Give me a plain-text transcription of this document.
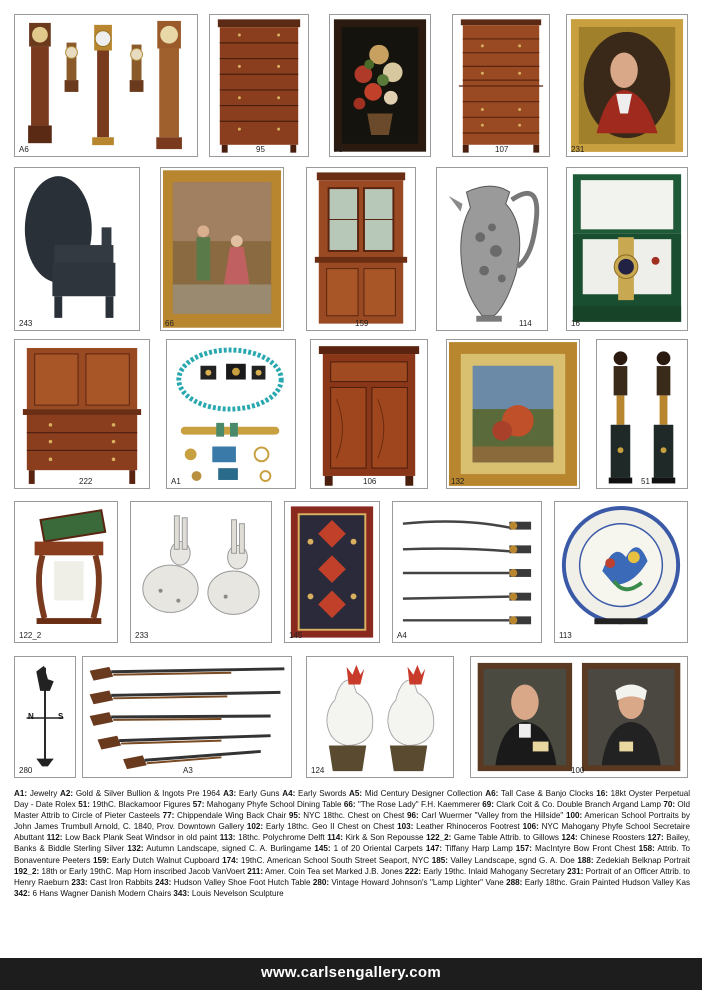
A6	95	70	107	231
243	66	159	114	16
222	A1	106	132	51
122_2	233	145	A4	113
N	S
280	A3	124	100
A1: Jewelry A2: Gold & Silver Bullion & Ingots Pre 1964 A3: Early Guns A4: Early Swords A5: Mid Century Designer Collection A6: Tall Case & Banjo Clocks 16: 18kt Oyster Perpetual Day - Date Rolex 51: 19thC. Blackamoor Figures 57: Mahogany Phyfe School Dining Table 66: "The Rose Lady" F.H. Kaemmerer 69: Clark Coit & Co. Double Branch Argand Lamp 70: Old Master Attrib to Circle of Pieter Casteels 77: Chippendale Wing Back Chair 95: NYC 18thc. Chest on Chest 96: Carl Wuermer "Valley from the Hillside" 100: American School Portraits by John James Trumbull Arnold, C. 1840, Prov. Downtown Gallery 102: Early 18thc. Geo II Chest on Chest 103: Leather Rhinoceros Footrest 106: NYC Mahogany Phyfe School Secretaire Abuttant 112: Low Back Plank Seat Windsor in old paint 113: 18thc. Polychrome Delft 114: Kirk & Son Repousse 122_2: Game Table Attrib. to Gillows 124: Chinese Roosters 127: Bailey, Banks & Biddle Sterling Silver 132: Autumn Landscape, signed C. A. Burlingame 145: 1 of 20 Oriental Carpets 147: Tiffany Harp Lamp 157: MacIntyre Bow Front Chest 158: Attrib. To Bonaventure Peeters 159: Early Dutch Walnut Cupboard 174: 19thC. American School South Street Seaport, NYC 185: Valley Landscape, sgnd G. A. Doe 188: Zedekiah Belknap Portrait 192_2: 18th or Early 19thC. Map Horn inscribed Jacob VanVoert 211: Amer. Coin Tea set Marked J.B. Jones 222: Early 19thc. Inlaid Mahogany Secretary 231: Portrait of an Officer Attrib. to Henry Raeburn 233: Cast Iron Rabbits 243: Hudson Valley Shoe Foot Hutch Table 280: Vintage Howard Johnson's "Lamp Lighter" Vane 288: Early 18thc. Grain Painted Hudson Valley Kas 342: 6 Hans Wagner Danish Modern Chairs 343: Louis Nevelson Sculpture
www.carlsengallery.com
